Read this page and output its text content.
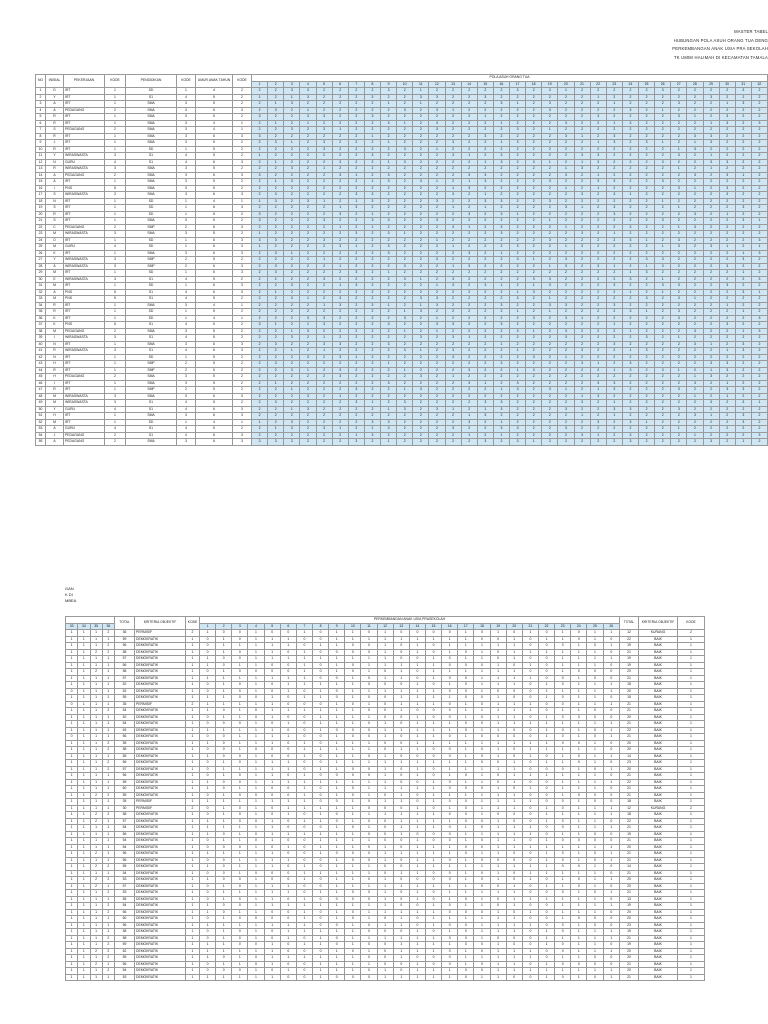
MASTER TABEL
HUBUNGAN POLA ASUH ORANG TUA DENG
PERKEMBANGAN ANAK USIA PRA SEKOLAH
TK UMMI HALIMAH DI KECAMATAN TAMALA
NO	INISIAL	PEKERJAAN	KODE	PENDIDIKAN	KODE	UMUR ANAK TAHUN	KODE	POLA ASUH ORANG TUA																															
								1	2	3	4	5	6	7	8	9	10	11	12	13	14	15	16	17	18	19	20	21	22	23	24	25	26	27	28	29	30	31	32
1	D	IRT	1	SD	1	4	2	2	2	3	3	2	2	2	2	3	2	1	2	2	2	2	2	3	2	3	1	2	2	2	2	2	3	2	2	2	2	3	2
2	Y	IRT	1	S1	4	5	2	1	2	1	3	2	2	2	3	2	2	3	3	2	2	3	2	2	2	2	2	2	1	2	2	2	2	2	2	3	2	2	2
3	A	IRT	1	SMA	3	5	2	2	1	3	2	2	2	2	2	1	2	1	2	2	2	2	3	1	2	3	2	2	2	1	2	2	2	3	2	2	1	3	2
4	A	PEDAGANG	2	SMA	3	6	3	2	3	2	1	2	2	2	2	2	3	2	3	1	2	2	2	2	2	3	2	2	2	2	3	2	1	2	2	2	2	2	2
5	R	IRT	1	SMA	3	5	2	3	2	2	3	3	2	2	3	2	2	2	2	2	2	1	2	2	2	2	2	2	3	2	2	2	2	3	1	2	3	2	2
6	R	IRT	1	SMA	3	4	1	2	1	2	1	2	2	2	2	3	1	2	3	2	2	2	1	2	2	2	3	2	2	1	3	2	2	2	2	1	3	2	3
7	S	PEDAGANG	2	SMA	3	4	1	2	2	3	2	3	1	2	2	2	2	2	3	2	2	2	2	3	2	1	2	2	2	2	2	2	2	2	2	2	2	2	2
8	R	IRT	1	SMA	3	6	3	3	2	2	2	2	2	2	1	2	2	2	2	2	2	3	2	2	2	2	3	1	2	3	2	2	2	2	3	3	2	2	2
9	J	IRT	1	SMA	3	5	2	2	3	1	2	3	2	2	2	1	2	2	2	3	2	2	1	3	2	2	2	2	1	3	2	3	1	2	1	3	2	2	2
10	R	IRT	1	SD	1	5	2	2	2	2	2	3	2	2	2	2	3	2	1	2	2	2	2	2	2	2	2	2	2	2	2	2	2	1	3	2	2	2	2
11	Y	WIRASWASTA	3	S1	4	5	2	1	2	2	2	2	2	2	3	2	2	2	2	3	1	2	3	2	2	2	2	3	3	2	2	2	2	3	2	1	2	2	2
12	N	GURU	4	S1	4	6	3	2	1	2	2	2	3	2	2	1	3	2	2	2	2	1	3	2	3	1	2	1	3	2	2	2	3	2	2	3	3	2	2
13	R	WIRASWASTA	3	SMA	3	5	2	2	2	3	2	1	2	2	2	2	2	2	2	2	2	2	2	2	2	2	1	3	2	2	2	2	2	1	2	1	2	2	2
14	A	PEDAGANG	2	SMA	3	6	3	3	2	2	2	2	3	1	2	3	2	2	2	2	3	3	2	2	2	2	3	2	1	2	2	2	2	2	3	2	3	1	2
15	A	IRT	1	SMA	3	5	2	2	1	3	2	2	2	2	1	3	2	3	1	2	1	3	2	2	2	3	2	2	3	3	2	2	3	2	2	2	2	2	2
16	I	PNS	5	SMA	3	5	2	2	2	2	2	2	2	2	2	2	2	2	2	1	3	2	2	2	2	2	1	2	1	2	2	2	2	3	1	2	3	2	2
17	S	WIRASWASTA	3	SMA	3	6	3	2	3	2	2	2	2	3	3	2	2	2	2	3	2	1	2	2	2	2	2	3	2	3	1	2	2	2	2	2	3	2	2
18	N	IRT	1	SD	1	4	1	1	3	2	3	1	2	1	3	2	2	2	3	2	2	3	3	2	2	3	2	2	2	2	2	2	1	2	2	2	2	2	2
19	S	IRT	1	SD	1	6	3	2	2	2	2	2	1	3	2	2	2	2	2	1	2	1	2	2	2	2	3	1	2	3	2	2	2	1	2	2	2	3	2
20	R	IRT	1	SD	1	5	2	3	2	2	2	2	3	2	1	2	2	2	2	2	3	2	3	1	2	2	2	2	2	3	2	2	2	2	3	2	1	2	2
21	S	IRT	1	SMA	3	5	2	3	2	2	2	3	2	2	3	3	2	2	3	2	2	2	2	2	2	1	2	2	2	2	2	2	3	2	2	2	2	3	1
22	C	PEDAGANG	2	SMP	2	6	3	2	2	2	2	2	1	2	1	2	2	2	2	3	1	2	3	2	2	2	1	2	2	2	3	2	2	1	3	2	2	2	2
23	M	WIRASWASTA	3	SMA	3	5	2	1	2	2	2	2	2	3	2	3	1	2	2	2	2	2	3	2	2	2	2	3	2	1	2	2	2	2	2	2	2	2	2
24	O	IRT	1	SD	1	6	3	3	3	2	2	3	2	2	2	2	2	2	1	2	2	2	2	2	2	3	2	2	2	2	3	1	2	3	2	2	2	2	3
25	M	GURU	4	SD	1	6	3	1	2	2	2	2	3	1	2	3	2	2	2	1	2	2	2	3	2	2	1	3	2	2	2	2	1	3	2	3	1	2	1
26	K	IRT	1	SMA	3	6	3	2	3	1	2	2	2	2	2	3	2	2	2	2	3	2	1	2	2	2	2	2	2	2	2	2	2	2	2	2	2	1	3
27	Y	WIRASWASTA	3	SMP	2	5	2	2	2	2	2	1	2	2	2	2	2	2	3	2	2	2	2	3	1	2	3	2	2	2	2	3	3	2	2	2	2	3	2
28	A	WIRASWASTA	3	SMP	2	6	3	2	3	2	2	2	1	2	2	2	3	2	2	1	3	2	2	2	2	1	3	2	3	1	2	1	3	2	2	2	3	2	2
29	M	IRT	1	SD	1	6	3	2	3	2	2	2	2	3	2	1	2	2	2	2	2	2	2	2	2	2	2	2	2	2	1	3	2	2	2	2	2	1	2
30	E	WIRASWASTA	3	S1	4	5	2	2	2	2	2	3	2	2	2	2	3	1	2	3	2	2	2	2	3	3	2	2	2	2	3	2	1	2	2	2	2	2	3
31	M	IRT	1	SD	1	6	3	2	2	3	2	2	1	3	2	2	2	2	1	3	2	3	1	2	1	3	2	2	2	3	2	2	3	3	2	2	3	2	2
32	A	PNS	5	S1	4	6	3	2	1	2	2	2	2	2	2	2	2	2	2	2	2	2	2	1	3	2	2	2	2	2	1	2	1	2	2	2	2	3	1
33	M	PNS	5	S1	4	5	2	2	2	3	1	2	3	2	2	2	2	3	3	2	2	2	2	3	2	1	2	2	2	2	2	3	2	3	1	2	2	2	2
34	R	IRT	1	SMA	3	4	1	2	2	2	2	1	3	2	3	1	2	1	3	2	2	2	3	2	2	3	3	2	2	3	2	2	2	2	2	2	1	2	2
35	R	IRT	1	SD	1	5	2	2	2	2	2	2	2	2	2	2	1	3	2	2	2	2	2	1	2	1	2	2	2	2	3	1	2	3	2	2	2	1	2
36	K	IRT	1	SD	1	4	1	2	2	2	3	3	2	2	2	2	3	2	1	2	2	2	2	2	3	2	3	1	2	2	2	2	2	3	2	2	2	2	3
37	K	PNS	5	S1	4	5	2	3	1	2	1	3	2	2	2	3	2	2	3	3	2	2	3	2	2	2	2	2	2	1	2	2	2	2	2	2	3	2	2
38	M	PEDAGANG	2	SMA	3	5	2	2	2	1	3	2	2	2	2	2	1	2	1	2	2	2	2	3	1	2	3	2	2	2	1	2	2	2	3	2	2	1	3
39	I	WIRASWASTA	3	S1	4	5	2	2	2	3	2	1	2	2	2	2	2	3	2	3	1	2	2	2	2	2	3	2	2	2	2	3	2	1	2	2	2	2	2
40	N	IRT	1	SMA	3	6	3	2	3	2	2	3	3	2	2	3	2	2	2	2	2	2	1	2	2	2	2	2	2	3	2	2	2	2	3	1	2	3	2
41	R	WIRASWASTA	3	S1	4	6	3	2	2	1	2	1	2	2	2	2	3	1	2	3	2	2	2	1	2	2	2	3	2	2	1	3	2	2	2	2	1	3	2
42	N	IRT	1	SD	1	5	2	2	2	2	3	2	3	1	2	2	2	2	2	3	2	2	2	2	3	2	1	2	2	2	2	2	2	2	2	2	2	2	2
43	H	IRT	1	SMP	2	5	2	2	3	2	2	2	2	2	2	1	2	2	2	2	2	2	3	2	2	2	2	3	1	2	3	2	2	2	2	3	3	2	2
44	R	IRT	1	SMP	2	5	2	2	2	3	1	2	3	2	2	2	1	2	2	2	3	2	2	1	3	2	2	2	2	1	3	2	3	1	2	1	3	2	2
45	H	PEDAGANG	2	SMA	3	5	2	2	2	2	2	2	3	2	2	2	2	3	2	1	2	2	2	2	2	2	2	2	2	2	2	2	2	2	1	3	2	2	2
46	I	IRT	1	SMA	3	5	2	2	1	2	2	2	2	2	2	3	2	2	2	2	3	1	2	3	2	2	2	2	3	3	2	2	2	2	3	2	1	2	2
47	R	IRT	1	SMP	2	5	2	2	2	1	2	2	2	3	2	2	1	3	2	2	2	2	1	3	2	3	1	2	1	3	2	2	2	3	2	2	3	3	2
48	M	WIRASWASTA	3	SMA	3	6	3	2	2	2	3	2	1	2	2	2	2	2	2	2	2	2	2	2	2	2	2	1	3	2	2	2	2	2	1	2	1	2	2
49	M	WIRASWASTA	3	S1	4	5	2	2	3	2	2	2	2	3	1	2	3	2	2	2	2	3	3	2	2	2	2	3	2	1	2	2	2	2	2	3	2	3	1
50	Y	GURU	4	S1	4	6	3	2	2	1	3	2	2	2	2	1	3	2	3	1	2	1	3	2	2	2	3	2	2	3	3	2	2	3	2	2	2	2	2
51	H	IRT	1	SMA	3	6	3	2	2	2	2	2	2	2	2	2	2	2	2	2	1	3	2	2	2	2	2	1	2	1	2	2	2	2	3	1	2	3	2
52	M	IRT	1	SD	1	4	1	1	2	3	2	2	2	2	3	3	2	2	2	2	3	2	1	2	2	2	2	2	3	2	3	1	2	2	2	2	2	3	2
53	A	GURU	4	S1	4	5	2	2	1	3	2	3	1	2	1	3	2	2	2	3	2	2	3	3	2	2	3	2	2	2	2	2	2	1	2	2	2	2	2
54	J	PEDAGANG	2	S1	4	6	3	2	2	2	2	2	2	1	3	2	2	2	2	2	1	2	1	2	2	2	2	3	1	2	3	2	2	2	1	2	2	2	3
55	A	PEDAGANG	2	SMA	3	6	3	3	3	2	2	2	2	3	2	1	2	2	2	2	2	3	2	3	1	2	2	2	2	2	3	2	2	2	2	3	2	1	2
GAN
K DI
MBEA
				TOTAL	KRITERIA OBJEKTIF	KODE	PERKEMBANGAN ANAK USIA PRASEKOLAH																										TOTAL	KRITERIA OBJEKTIF	KODE
33	34	35	36				1	2	3	4	5	6	7	8	9	10	11	12	13	14	15	16	17	18	19	20	21	22	23	24	25	26			
1	1	1	2	36	PERMISIF	2	1	0	0	1	0	0	1	0	1	1	0	1	0	0	0	0	1	0	1	0	1	0	1	0	1	1	12	KURANG	2
1	1	1	1	59	DEMOKRATIK	1	0	1	0	1	1	1	0	0	1	1	1	1	1	1	1	1	1	0	0	1	0	1	1	0	1	0	22	BAIK	1
1	1	1	2	56	DEMOKRATIK	1	0	1	1	1	1	1	0	1	1	0	0	1	0	1	0	1	1	1	1	1	0	0	0	1	0	1	19	BAIK	1
1	1	2	2	58	DEMOKRATIK	1	0	1	0	1	1	0	1	0	0	0	0	1	0	1	0	1	0	1	0	1	1	1	1	1	1	0	21	BAIK	1
1	1	1	1	57	DEMOKRATIK	1	1	0	0	1	1	1	1	1	1	1	1	1	0	0	1	0	1	1	0	1	0	0	1	1	1	1	19	BAIK	1
1	1	1	1	56	DEMOKRATIK	1	1	0	1	1	0	0	1	0	1	0	1	1	1	1	1	0	0	0	1	0	1	0	1	1	1	0	19	BAIK	1
1	1	2	1	58	DEMOKRATIK	1	0	1	0	0	0	0	1	0	1	0	1	0	1	0	1	1	1	1	1	1	0	0	1	0	0	0	20	BAIK	1
1	1	1	1	57	DEMOKRATIK	1	1	1	1	1	1	1	1	0	0	1	0	1	1	0	1	0	0	1	1	1	1	0	0	1	0	0	21	BAIK	1
1	1	1	1	52	DEMOKRATIK	1	0	1	0	1	0	1	1	1	1	1	0	0	0	1	0	1	0	1	1	1	0	1	0	1	1	1	18	BAIK	1
0	1	1	1	52	DEMOKRATIK	1	0	1	0	1	0	1	0	1	0	1	1	1	1	1	1	0	0	1	0	0	0	1	1	1	1	1	20	BAIK	1
1	1	1	1	55	DEMOKRATIK	1	1	1	0	0	1	0	1	1	0	1	0	0	1	1	1	1	0	0	1	0	0	1	0	1	1	0	15	BAIK	1
0	1	1	1	35	PERMISIF	2	1	1	1	1	1	0	0	0	1	0	1	0	1	1	1	0	1	0	1	1	1	0	0	1	1	1	21	BAIK	1
1	1	1	2	54	DEMOKRATIK	1	1	0	1	0	1	1	1	1	1	1	0	0	1	0	0	0	1	1	1	1	1	0	1	1	0	0	21	BAIK	1
1	1	1	1	52	DEMOKRATIK	1	0	1	1	0	1	0	0	1	1	1	1	0	0	1	0	0	1	0	1	1	0	1	0	0	0	0	20	BAIK	1
1	1	1	1	54	DEMOKRATIK	1	0	0	0	1	0	1	0	1	1	1	0	1	0	1	1	1	0	0	1	1	1	1	1	1	1	1	21	BAIK	1
1	1	1	1	63	DEMOKRATIK	1	1	1	1	1	1	0	0	1	0	0	0	1	1	1	1	1	0	1	1	0	0	1	0	1	0	1	22	BAIK	1
0	1	1	1	56	DEMOKRATIK	1	0	0	1	1	1	1	0	0	1	0	0	1	0	1	1	0	1	0	0	0	0	1	0	1	0	1	21	BAIK	1
1	1	1	2	55	DEMOKRATIK	1	1	0	1	1	1	0	1	0	1	1	1	0	0	1	1	1	1	1	1	1	1	1	0	0	1	0	20	BAIK	1
1	1	1	2	58	DEMOKRATIK	1	0	0	1	0	0	0	1	1	1	1	1	0	1	1	0	0	1	0	1	0	1	1	1	1	1	0	20	BAIK	1
1	1	1	1	55	DEMOKRATIK	1	1	0	0	1	0	0	1	0	1	1	0	1	0	0	0	0	1	0	1	0	1	0	1	0	1	1	14	BAIK	1
1	1	1	2	56	DEMOKRATIK	1	0	1	0	1	1	1	0	0	1	1	1	1	1	1	1	1	1	0	0	1	0	1	1	0	1	0	23	BAIK	1
1	1	1	2	57	DEMOKRATIK	1	0	1	1	1	1	1	0	1	1	0	0	1	0	1	0	1	1	1	1	1	0	0	0	1	0	1	20	BAIK	1
1	1	1	1	56	DEMOKRATIK	1	0	1	0	1	1	0	1	0	0	0	0	1	0	1	0	1	0	1	0	1	1	1	1	1	1	0	21	BAIK	1
1	1	1	1	55	DEMOKRATIK	1	1	0	0	1	1	1	1	1	1	1	1	1	0	0	1	0	1	1	0	1	0	0	1	1	1	1	22	BAIK	1
1	1	1	1	60	DEMOKRATIK	1	1	0	1	1	0	0	1	0	1	0	1	1	1	1	1	0	0	0	1	0	1	0	1	1	1	0	21	BAIK	1
1	1	2	2	55	DEMOKRATIK	1	0	1	0	0	0	0	1	0	1	0	1	0	1	0	1	1	1	1	1	1	0	0	1	0	0	0	21	BAIK	1
1	1	1	1	35	PERMISIF	1	1	1	1	1	1	1	1	0	0	1	0	1	1	0	1	0	0	1	1	1	1	0	0	1	0	0	18	BAIK	1
1	1	1	1	30	PERMISIF	2	0	1	0	1	0	1	1	1	1	1	0	0	0	1	0	1	0	1	1	1	0	1	0	1	1	1	12	KURANG	2
1	1	2	2	58	DEMOKRATIK	1	0	1	0	1	0	1	0	1	0	1	1	1	1	1	1	0	0	1	0	0	0	1	1	1	1	1	18	BAIK	1
1	1	2	1	57	DEMOKRATIK	1	1	1	0	0	1	0	1	1	0	1	0	0	1	1	1	1	0	0	1	0	0	1	0	1	1	0	22	BAIK	1
1	1	1	1	54	DEMOKRATIK	1	1	1	1	1	1	0	0	0	1	0	1	0	1	1	1	0	1	0	1	1	1	0	0	1	1	1	21	BAIK	1
1	1	1	1	56	DEMOKRATIK	1	1	0	1	0	1	1	1	1	1	1	0	0	1	0	0	0	1	1	1	1	1	0	1	1	0	0	19	BAIK	1
1	1	1	1	54	DEMOKRATIK	1	0	1	1	0	1	0	0	1	1	1	1	0	0	1	0	0	1	0	1	1	0	1	0	0	0	0	21	BAIK	1
1	1	1	1	54	DEMOKRATIK	1	0	0	0	1	0	1	0	1	1	1	0	1	0	1	1	1	0	0	1	1	1	1	1	1	1	1	20	BAIK	1
1	1	2	1	56	DEMOKRATIK	1	1	1	1	1	1	0	0	1	0	0	0	1	1	1	1	1	0	1	1	0	0	1	0	1	0	1	21	BAIK	1
1	1	1	1	56	DEMOKRATIK	1	0	0	1	1	1	1	0	0	1	0	0	1	0	1	1	0	1	0	0	0	0	1	0	1	0	1	21	BAIK	1
1	1	2	2	55	DEMOKRATIK	1	1	0	1	1	1	0	1	0	1	1	1	0	0	1	1	1	1	1	1	1	1	1	0	0	1	0	14	BAIK	1
1	1	1	1	54	DEMOKRATIK	1	0	0	1	0	0	0	1	1	1	1	1	0	1	1	0	0	1	0	1	0	1	1	1	1	1	0	21	BAIK	1
1	1	2	2	53	DEMOKRATIK	1	1	0	0	1	0	0	1	0	1	1	0	1	0	0	0	0	1	0	1	0	1	0	1	0	1	1	20	BAIK	1
1	1	2	1	57	DEMOKRATIK	1	0	1	0	1	1	1	0	0	1	1	1	1	1	1	1	1	1	0	0	1	0	1	1	0	1	0	20	BAIK	1
1	1	1	2	53	DEMOKRATIK	1	0	1	1	1	1	1	0	1	1	0	0	1	0	1	0	1	1	1	1	1	0	0	0	1	0	1	21	BAIK	1
1	1	1	1	55	DEMOKRATIK	1	0	1	0	1	1	0	1	0	0	0	0	1	0	1	0	1	0	1	0	1	1	1	1	1	1	0	13	BAIK	1
1	1	1	2	54	DEMOKRATIK	1	1	0	0	1	1	1	1	1	1	1	1	1	0	0	1	0	1	1	0	1	0	0	1	1	1	1	19	BAIK	1
1	1	1	2	56	DEMOKRATIK	1	1	0	1	1	0	0	1	0	1	0	1	1	1	1	1	0	0	0	1	0	1	0	1	1	1	0	20	BAIK	1
1	1	1	1	60	DEMOKRATIK	1	0	1	0	0	0	0	1	0	1	0	1	0	1	0	1	1	1	1	1	1	0	0	1	0	0	0	20	BAIK	1
1	1	1	1	56	DEMOKRATIK	1	1	1	1	1	1	1	1	0	0	1	0	1	1	0	1	0	0	1	1	1	1	0	0	1	0	0	23	BAIK	1
1	1	1	1	58	DEMOKRATIK	1	0	1	0	1	0	1	1	1	1	1	0	0	0	1	0	1	0	1	1	1	0	1	0	1	1	1	19	BAIK	1
1	1	1	2	58	DEMOKRATIK	1	0	1	0	1	0	1	0	1	0	1	1	1	1	1	1	0	0	1	0	0	0	1	1	1	1	1	21	BAIK	1
1	1	1	2	59	DEMOKRATIK	1	1	1	0	0	1	0	1	1	0	1	0	0	1	1	1	1	0	0	1	0	0	1	0	1	1	0	19	BAIK	1
1	1	2	2	62	DEMOKRATIK	1	1	1	1	1	1	0	0	0	1	0	1	0	1	1	1	0	1	0	1	1	1	0	0	1	1	1	20	BAIK	1
1	1	1	2	55	DEMOKRATIK	1	1	0	1	0	1	1	1	1	1	1	0	0	1	0	0	0	1	1	1	1	1	0	1	1	0	0	20	BAIK	1
1	1	2	1	56	DEMOKRATIK	1	0	1	1	0	1	0	0	1	1	1	1	0	0	1	0	0	1	0	1	1	0	1	0	0	0	0	21	BAIK	1
1	1	1	2	54	DEMOKRATIK	1	0	0	0	1	0	1	0	1	1	1	0	1	0	1	1	1	0	0	1	1	1	1	1	1	1	1	20	BAIK	1
1	1	1	1	53	DEMOKRATIK	1	1	1	1	1	1	0	0	1	0	0	0	1	1	1	1	1	0	1	1	0	0	1	0	1	0	1	21	BAIK	1
